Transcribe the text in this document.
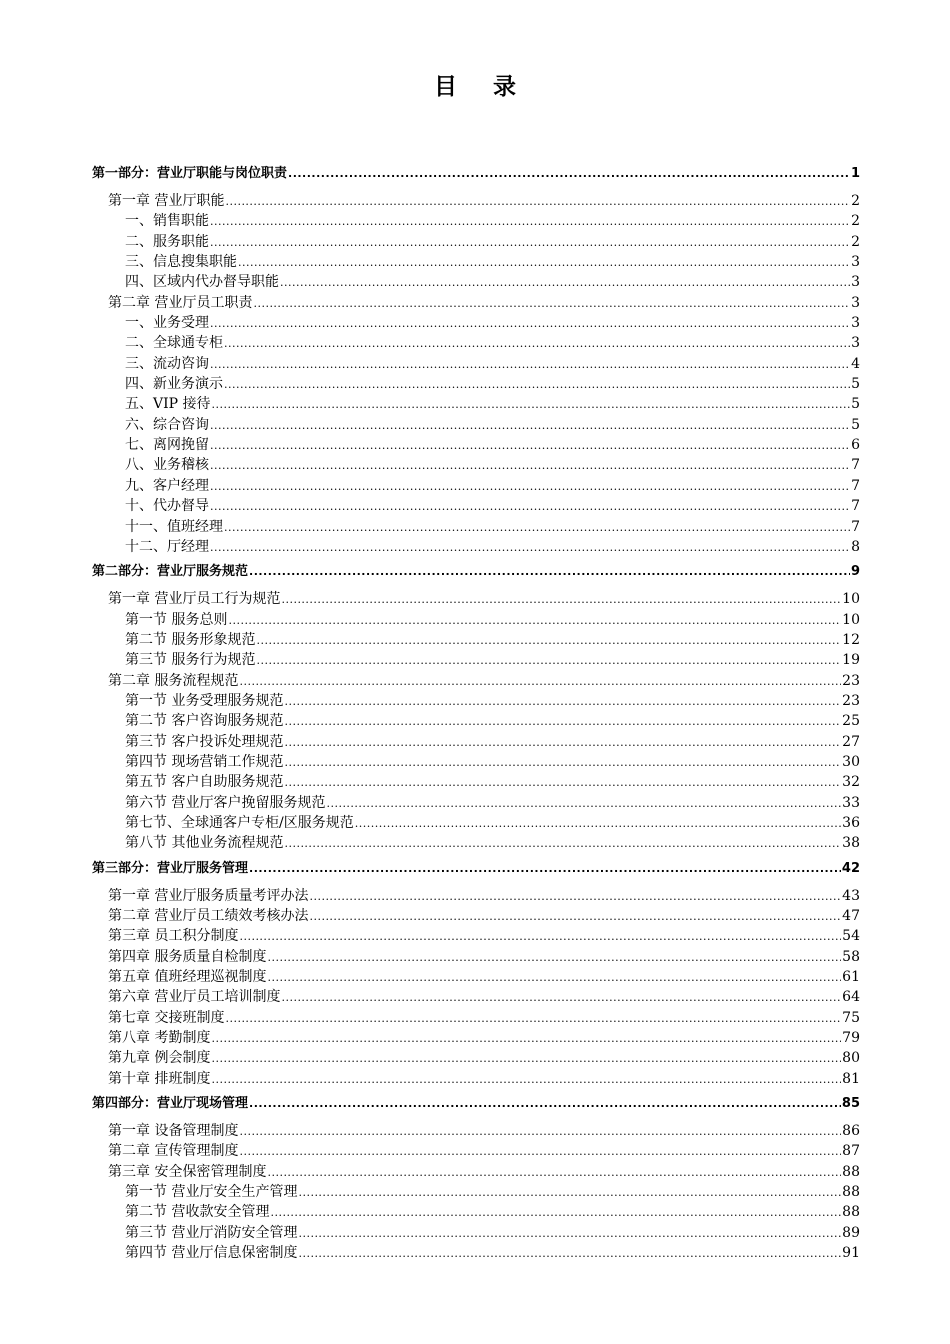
目 录
第一部分：营业厅职能与岗位职责 .....	1
第一章 营业厅职能 .....	2
一、销售职能 .....	2
二、服务职能 .....	2
三、信息搜集职能 .....	3
四、区域内代办督导职能 .....	3
第二章 营业厅员工职责 .....	3
一、业务受理 .....	3
二、全球通专柜 .....	3
三、流动咨询 .....	4
四、新业务演示 .....	5
五、VIP 接待 .....	5
六、综合咨询 .....	5
七、离网挽留 .....	6
八、业务稽核 .....	7
九、客户经理 .....	7
十、代办督导 .....	7
十一、值班经理 .....	7
十二、厅经理 .....	8
第二部分：营业厅服务规范 .....	9
第一章 营业厅员工行为规范 .....	10
第一节 服务总则 .....	10
第二节 服务形象规范 .....	12
第三节 服务行为规范 .....	19
第二章 服务流程规范 .....	23
第一节 业务受理服务规范 .....	23
第二节 客户咨询服务规范 .....	25
第三节 客户投诉处理规范 .....	27
第四节 现场营销工作规范 .....	30
第五节 客户自助服务规范 .....	32
第六节 营业厅客户挽留服务规范 .....	33
第七节、全球通客户专柜/区服务规范 .....	36
第八节 其他业务流程规范 .....	38
第三部分：营业厅服务管理 .....	42
第一章 营业厅服务质量考评办法 .....	43
第二章 营业厅员工绩效考核办法 .....	47
第三章 员工积分制度 .....	54
第四章 服务质量自检制度 .....	58
第五章 值班经理巡视制度 .....	61
第六章 营业厅员工培训制度 .....	64
第七章 交接班制度 .....	75
第八章 考勤制度 .....	79
第九章 例会制度 .....	80
第十章 排班制度 .....	81
第四部分：营业厅现场管理 .....	85
第一章 设备管理制度 .....	86
第二章 宣传管理制度 .....	87
第三章 安全保密管理制度 .....	88
第一节 营业厅安全生产管理 .....	88
第二节 营收款安全管理 .....	88
第三节 营业厅消防安全管理 .....	89
第四节 营业厅信息保密制度 .....	91
